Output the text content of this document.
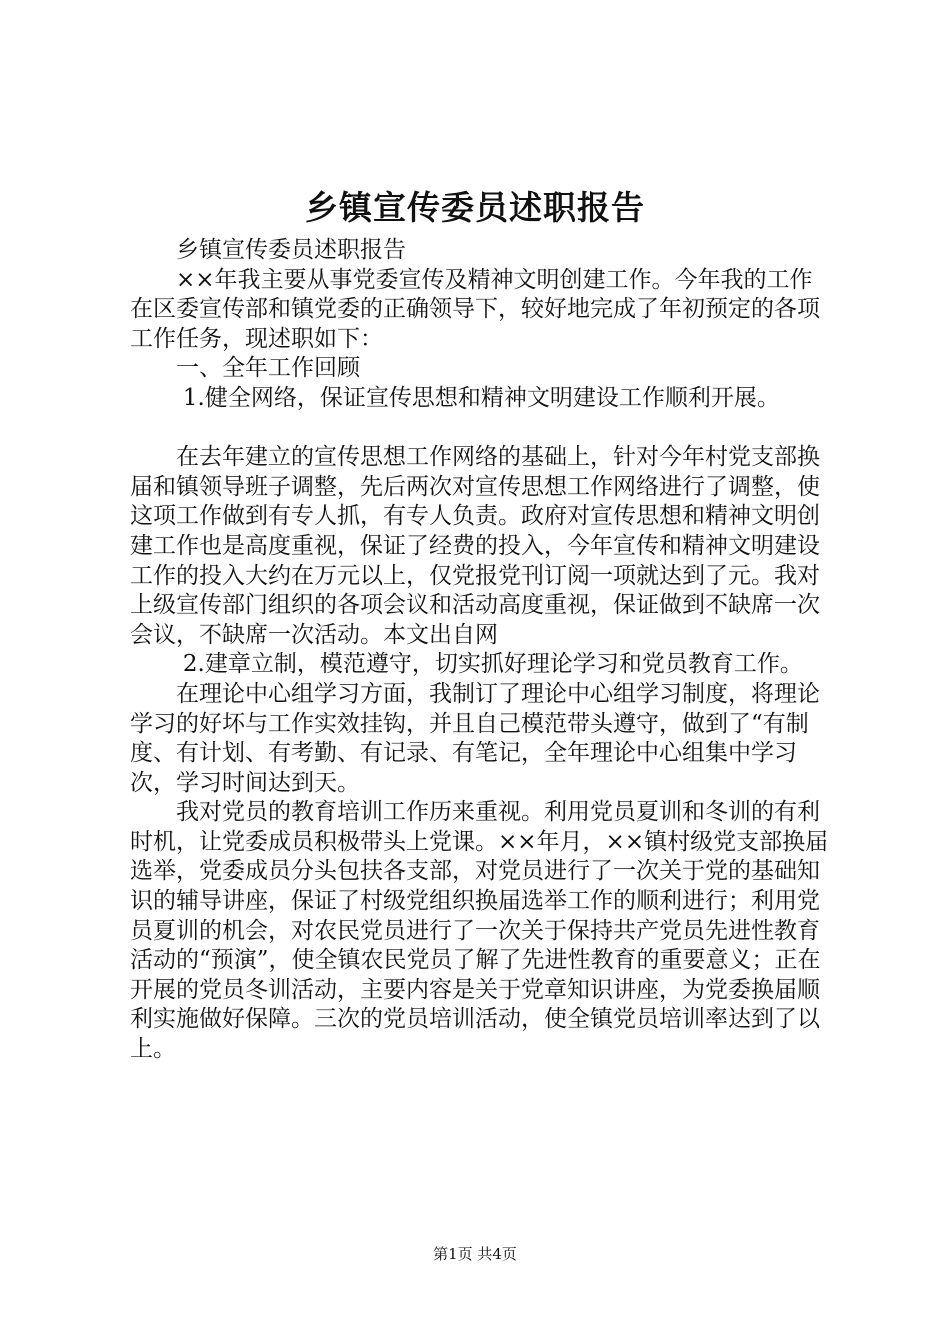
乡镇宣传委员述职报告

乡镇宣传委员述职报告

××年我主要从事党委宣传及精神文明创建工作。今年我的工作在区委宣传部和镇党委的正确领导下，较好地完成了年初预定的各项工作任务，现述职如下：

一、全年工作回顾

1.健全网络，保证宣传思想和精神文明建设工作顺利开展。

在去年建立的宣传思想工作网络的基础上，针对今年村党支部换届和镇领导班子调整，先后两次对宣传思想工作网络进行了调整，使这项工作做到有专人抓，有专人负责。政府对宣传思想和精神文明创建工作也是高度重视，保证了经费的投入，今年宣传和精神文明建设工作的投入大约在万元以上，仅党报党刊订阅一项就达到了元。我对上级宣传部门组织的各项会议和活动高度重视，保证做到不缺席一次会议，不缺席一次活动。本文出自网

2.建章立制，模范遵守，切实抓好理论学习和党员教育工作。

在理论中心组学习方面，我制订了理论中心组学习制度，将理论学习的好坏与工作实效挂钩，并且自己模范带头遵守，做到了“有制度、有计划、有考勤、有记录、有笔记，全年理论中心组集中学习次，学习时间达到天。

我对党员的教育培训工作历来重视。利用党员夏训和冬训的有利时机，让党委成员积极带头上党课。××年月，××镇村级党支部换届选举，党委成员分头包扶各支部，对党员进行了一次关于党的基础知识的辅导讲座，保证了村级党组织换届选举工作的顺利进行；利用党员夏训的机会，对农民党员进行了一次关于保持共产党员先进性教育活动的“预演”，使全镇农民党员了解了先进性教育的重要意义；正在开展的党员冬训活动，主要内容是关于党章知识讲座，为党委换届顺利实施做好保障。三次的党员培训活动，使全镇党员培训率达到了以上。

第1页 共4页
